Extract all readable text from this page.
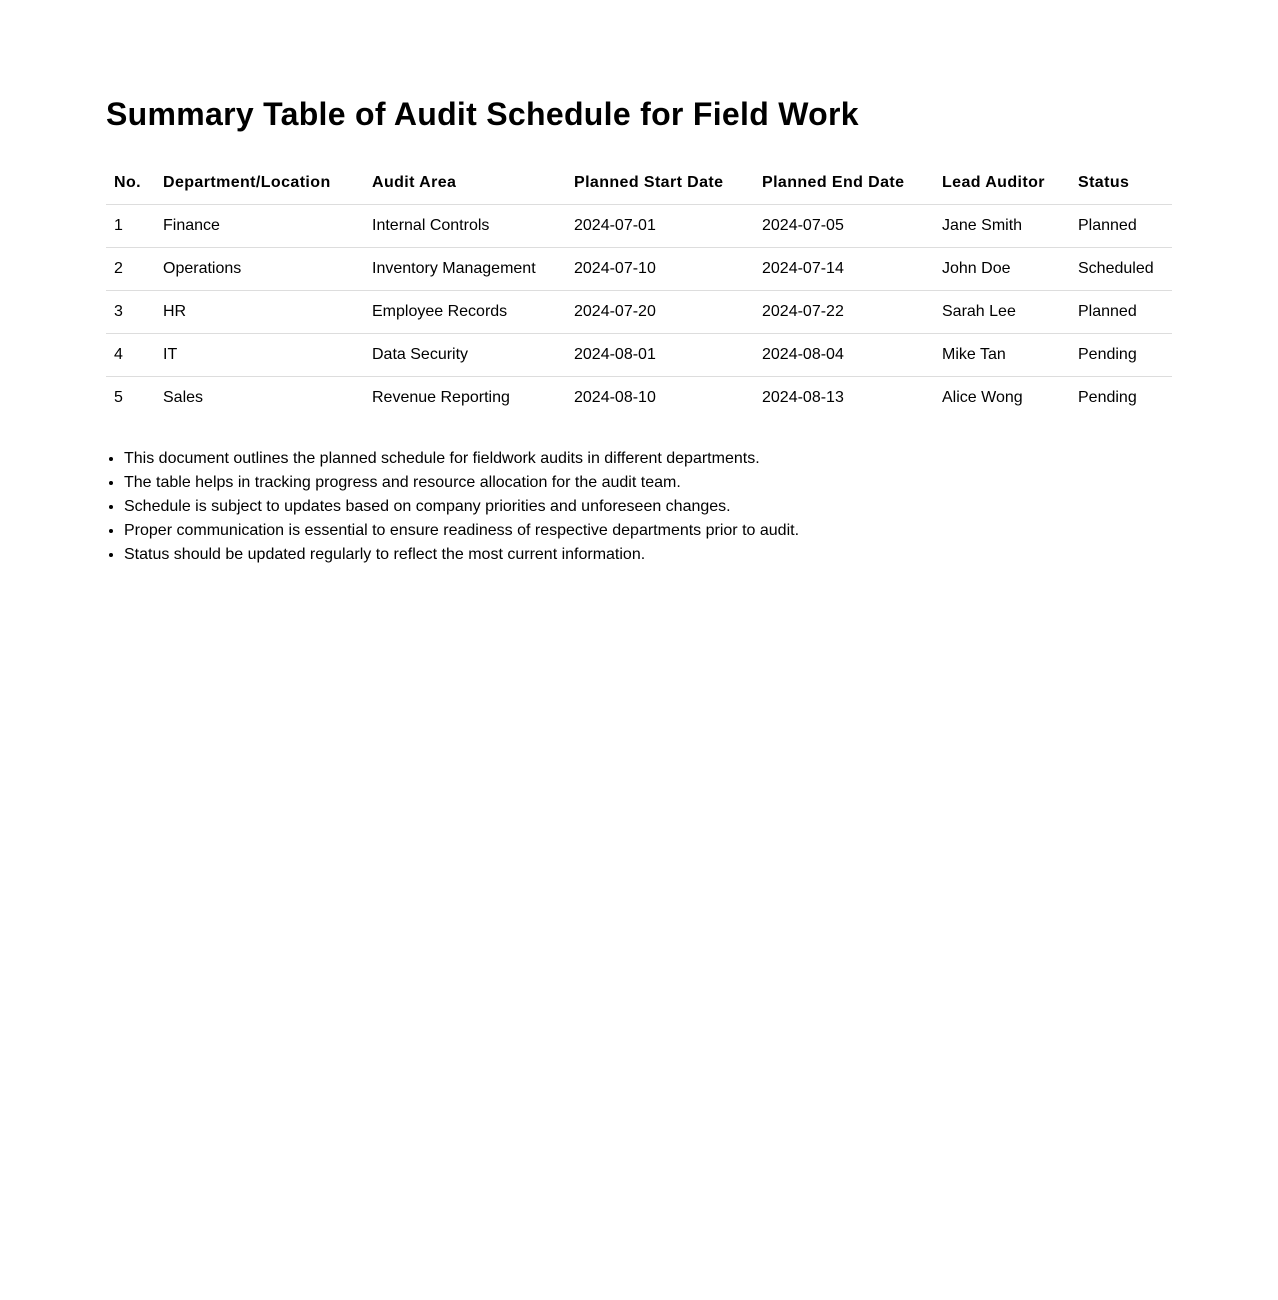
Summary Table of Audit Schedule for Field Work
No.	Department/Location	Audit Area	Planned Start Date	Planned End Date	Lead Auditor	Status
1	Finance	Internal Controls	2024-07-01	2024-07-05	Jane Smith	Planned
2	Operations	Inventory Management	2024-07-10	2024-07-14	John Doe	Scheduled
3	HR	Employee Records	2024-07-20	2024-07-22	Sarah Lee	Planned
4	IT	Data Security	2024-08-01	2024-08-04	Mike Tan	Pending
5	Sales	Revenue Reporting	2024-08-10	2024-08-13	Alice Wong	Pending
• This document outlines the planned schedule for fieldwork audits in different departments.
• The table helps in tracking progress and resource allocation for the audit team.
• Schedule is subject to updates based on company priorities and unforeseen changes.
• Proper communication is essential to ensure readiness of respective departments prior to audit.
• Status should be updated regularly to reflect the most current information.
